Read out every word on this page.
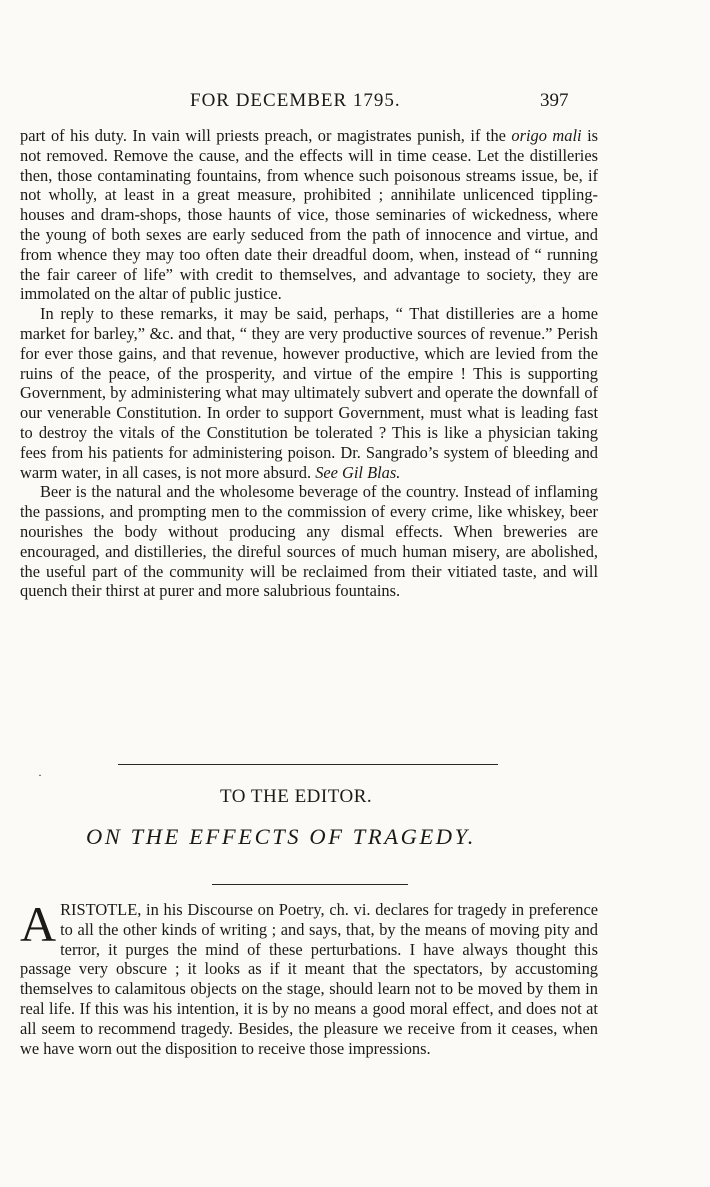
FOR DECEMBER 1795.	397

part of his duty. In vain will priests preach, or magistrates punish, if the origo mali is not removed. Remove the cause, and the effects will in time cease. Let the distilleries then, those contaminating fountains, from whence such poisonous streams issue, be, if not wholly, at least in a great measure, prohibited ; annihilate unlicenced tippling-houses and dram-shops, those haunts of vice, those seminaries of wickedness, where the young of both sexes are early seduced from the path of innocence and virtue, and from whence they may too often date their dreadful doom, when, instead of “ running the fair career of life” with credit to themselves, and advantage to society, they are immolated on the altar of public justice.

In reply to these remarks, it may be said, perhaps, “ That distilleries are a home market for barley,” &c. and that, “ they are very productive sources of revenue.” Perish for ever those gains, and that revenue, however productive, which are levied from the ruins of the peace, of the prosperity, and virtue of the empire ! This is supporting Government, by administering what may ultimately subvert and operate the downfall of our venerable Constitution. In order to support Government, must what is leading fast to destroy the vitals of the Constitution be tolerated ? This is like a physician taking fees from his patients for administering poison. Dr. Sangrado’s system of bleeding and warm water, in all cases, is not more absurd. See Gil Blas.

Beer is the natural and the wholesome beverage of the country. Instead of inflaming the passions, and prompting men to the commission of every crime, like whiskey, beer nourishes the body without producing any dismal effects. When breweries are encouraged, and distilleries, the direful sources of much human misery, are abolished, the useful part of the community will be reclaimed from their vitiated taste, and will quench their thirst at purer and more salubrious fountains.

·
TO THE EDITOR.
ON THE EFFECTS OF TRAGEDY.

ARISTOTLE, in his Discourse on Poetry, ch. vi. declares for tragedy in preference to all the other kinds of writing ; and says, that, by the means of moving pity and terror, it purges the mind of these perturbations. I have always thought this passage very obscure ; it looks as if it meant that the spectators, by accustoming themselves to calamitous objects on the stage, should learn not to be moved by them in real life. If this was his intention, it is by no means a good moral effect, and does not at all seem to recommend tragedy. Besides, the pleasure we receive from it ceases, when we have worn out the disposition to receive those impressions.
